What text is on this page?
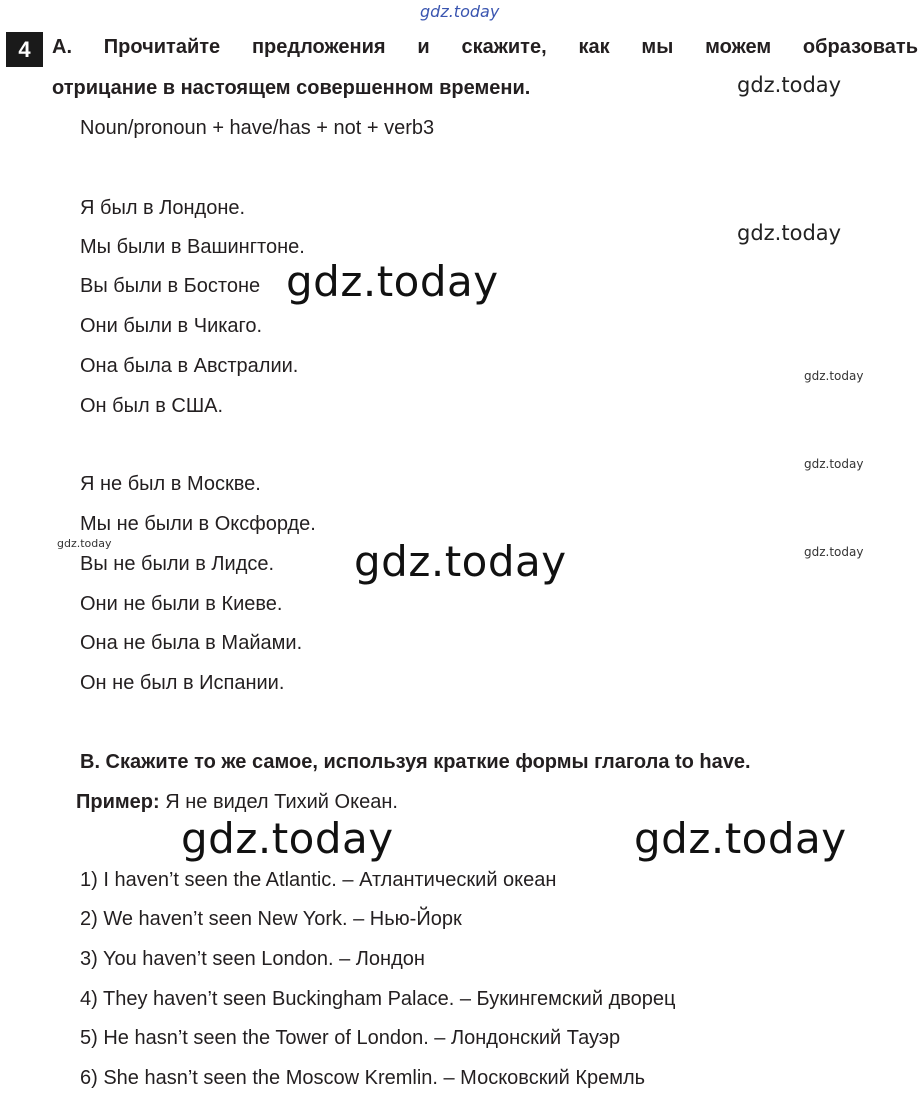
gdz.today
4	А. Прочитайте предложения и скажите, как мы можем образовать
отрицание в настоящем совершенном времени.
Noun/pronoun + have/has + not + verb3
Я был в Лондоне.
Мы были в Вашингтоне.
Вы были в Бостоне
Они были в Чикаго.
Она была в Австралии.
Он был в США.
Я не был в Москве.
Мы не были в Оксфорде.
Вы не были в Лидсе.
Они не были в Киеве.
Она не была в Майами.
Он не был в Испании.
B. Скажите то же самое, используя краткие формы глагола to have.
Пример: Я не видел Тихий Океан.
1) I haven’t seen the Atlantic. – Атлантический океан
2) We haven’t seen New York. – Нью-Йорк
3) You haven’t seen London. – Лондон
4) They haven’t seen Buckingham Palace. – Букингемский дворец
5) He hasn’t seen the Tower of London. – Лондонский Тауэр
6) She hasn’t seen the Moscow Kremlin. – Московский Кремль
gdz.today
gdz.today
gdz.today
gdz.today
gdz.today
gdz.today	gdz.today	gdz.today
gdz.today	gdz.today
